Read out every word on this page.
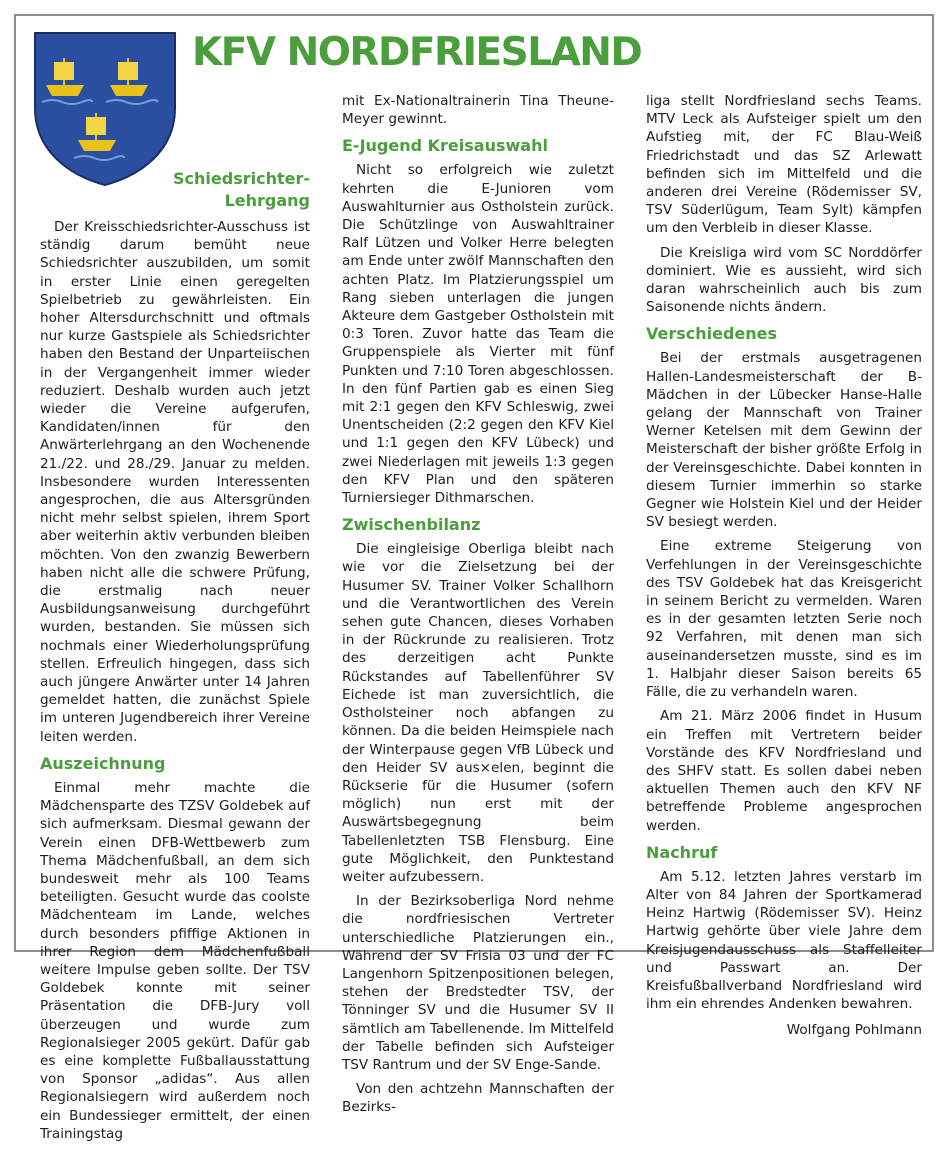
KFV NORDFRIESLAND
Schiedsrichter-Lehrgang

Der Kreisschiedsrichter-Ausschuss ist ständig darum bemüht neue Schiedsrichter auszubilden, um somit in erster Linie einen geregelten Spielbetrieb zu gewährleisten. Ein hoher Altersdurchschnitt und oftmals nur kurze Gastspiele als Schiedsrichter haben den Bestand der Unparteiischen in der Vergangenheit immer wieder reduziert. Deshalb wurden auch jetzt wieder die Vereine aufgerufen, Kandidaten/innen für den Anwärterlehrgang an den Wochenende 21./22. und 28./29. Januar zu melden. Insbesondere wurden Interessenten angesprochen, die aus Altersgründen nicht mehr selbst spielen, ihrem Sport aber weiterhin aktiv verbunden bleiben möchten. Von den zwanzig Bewerbern haben nicht alle die schwere Prüfung, die erstmalig nach neuer Ausbildungsanweisung durchgeführt wurden, bestanden. Sie müssen sich nochmals einer Wiederholungsprüfung stellen. Erfreulich hingegen, dass sich auch jüngere Anwärter unter 14 Jahren gemeldet hatten, die zunächst Spiele im unteren Jugendbereich ihrer Vereine leiten werden.

Auszeichnung

Einmal mehr machte die Mädchensparte des TZSV Goldebek auf sich aufmerksam. Diesmal gewann der Verein einen DFB-Wettbewerb zum Thema Mädchenfußball, an dem sich bundesweit mehr als 100 Teams beteiligten. Gesucht wurde das coolste Mädchenteam im Lande, welches durch besonders pfiffige Aktionen in ihrer Region dem Mädchenfußball weitere Impulse geben sollte. Der TSV Goldebek konnte mit seiner Präsentation die DFB-Jury voll überzeugen und wurde zum Regionalsieger 2005 gekürt. Dafür gab es eine komplette Fußballausstattung von Sponsor „adidas“. Aus allen Regionalsiegern wird außerdem noch ein Bundessieger ermittelt, der einen Trainingstag

mit Ex-Nationaltrainerin Tina Theune-Meyer gewinnt.

E-Jugend Kreisauswahl

Nicht so erfolgreich wie zuletzt kehrten die E-Junioren vom Auswahlturnier aus Ostholstein zurück. Die Schützlinge von Auswahltrainer Ralf Lützen und Volker Herre belegten am Ende unter zwölf Mannschaften den achten Platz. Im Platzierungsspiel um Rang sieben unterlagen die jungen Akteure dem Gastgeber Ostholstein mit 0:3 Toren. Zuvor hatte das Team die Gruppenspiele als Vierter mit fünf Punkten und 7:10 Toren abgeschlossen. In den fünf Partien gab es einen Sieg mit 2:1 gegen den KFV Schleswig, zwei Unentscheiden (2:2 gegen den KFV Kiel und 1:1 gegen den KFV Lübeck) und zwei Niederlagen mit jeweils 1:3 gegen den KFV Plan und den späteren Turniersieger Dithmarschen.

Zwischenbilanz

Die eingleisige Oberliga bleibt nach wie vor die Zielsetzung bei der Husumer SV. Trainer Volker Schallhorn und die Verantwortlichen des Verein sehen gute Chancen, dieses Vorhaben in der Rückrunde zu realisieren. Trotz des derzeitigen acht Punkte Rückstandes auf Tabellenführer SV Eichede ist man zuversichtlich, die Ostholsteiner noch abfangen zu können. Da die beiden Heimspiele nach der Winterpause gegen VfB Lübeck und den Heider SV aus×elen, beginnt die Rückserie für die Husumer (sofern möglich) nun erst mit der Auswärtsbegegnung beim Tabellenletzten TSB Flensburg. Eine gute Möglichkeit, den Punktestand weiter aufzubessern.

In der Bezirksoberliga Nord nehme die nordfriesischen Vertreter unterschiedliche Platzierungen ein., Während der SV Frisia 03 und der FC Langenhorn Spitzenpositionen belegen, stehen der Bredstedter TSV, der Tönninger SV und die Husumer SV II sämtlich am Tabellenende. Im Mittelfeld der Tabelle befinden sich Aufsteiger TSV Rantrum und der SV Enge-Sande.

Von den achtzehn Mannschaften der Bezirks-

liga stellt Nordfriesland sechs Teams. MTV Leck als Aufsteiger spielt um den Aufstieg mit, der FC Blau-Weiß Friedrichstadt und das SZ Arlewatt befinden sich im Mittelfeld und die anderen drei Vereine (Rödemisser SV, TSV Süderlügum, Team Sylt) kämpfen um den Verbleib in dieser Klasse.

Die Kreisliga wird vom SC Norddörfer dominiert. Wie es aussieht, wird sich daran wahrscheinlich auch bis zum Saisonende nichts ändern.

Verschiedenes

Bei der erstmals ausgetragenen Hallen-Landesmeisterschaft der B-Mädchen in der Lübecker Hanse-Halle gelang der Mannschaft von Trainer Werner Ketelsen mit dem Gewinn der Meisterschaft der bisher größte Erfolg in der Vereinsgeschichte. Dabei konnten in diesem Turnier immerhin so starke Gegner wie Holstein Kiel und der Heider SV besiegt werden.

Eine extreme Steigerung von Verfehlungen in der Vereinsgeschichte des TSV Goldebek hat das Kreisgericht in seinem Bericht zu vermelden. Waren es in der gesamten letzten Serie noch 92 Verfahren, mit denen man sich auseinandersetzen musste, sind es im 1. Halbjahr dieser Saison bereits 65 Fälle, die zu verhandeln waren.

Am 21. März 2006 findet in Husum ein Treffen mit Vertretern beider Vorstände des KFV Nordfriesland und des SHFV statt. Es sollen dabei neben aktuellen Themen auch den KFV NF betreffende Probleme angesprochen werden.

Nachruf

Am 5.12. letzten Jahres verstarb im Alter von 84 Jahren der Sportkamerad Heinz Hartwig (Rödemisser SV). Heinz Hartwig gehörte über viele Jahre dem Kreisjugendausschuss als Staffelleiter und Passwart an. Der Kreisfußballverband Nordfriesland wird ihm ein ehrendes Andenken bewahren.

Wolfgang Pohlmann
